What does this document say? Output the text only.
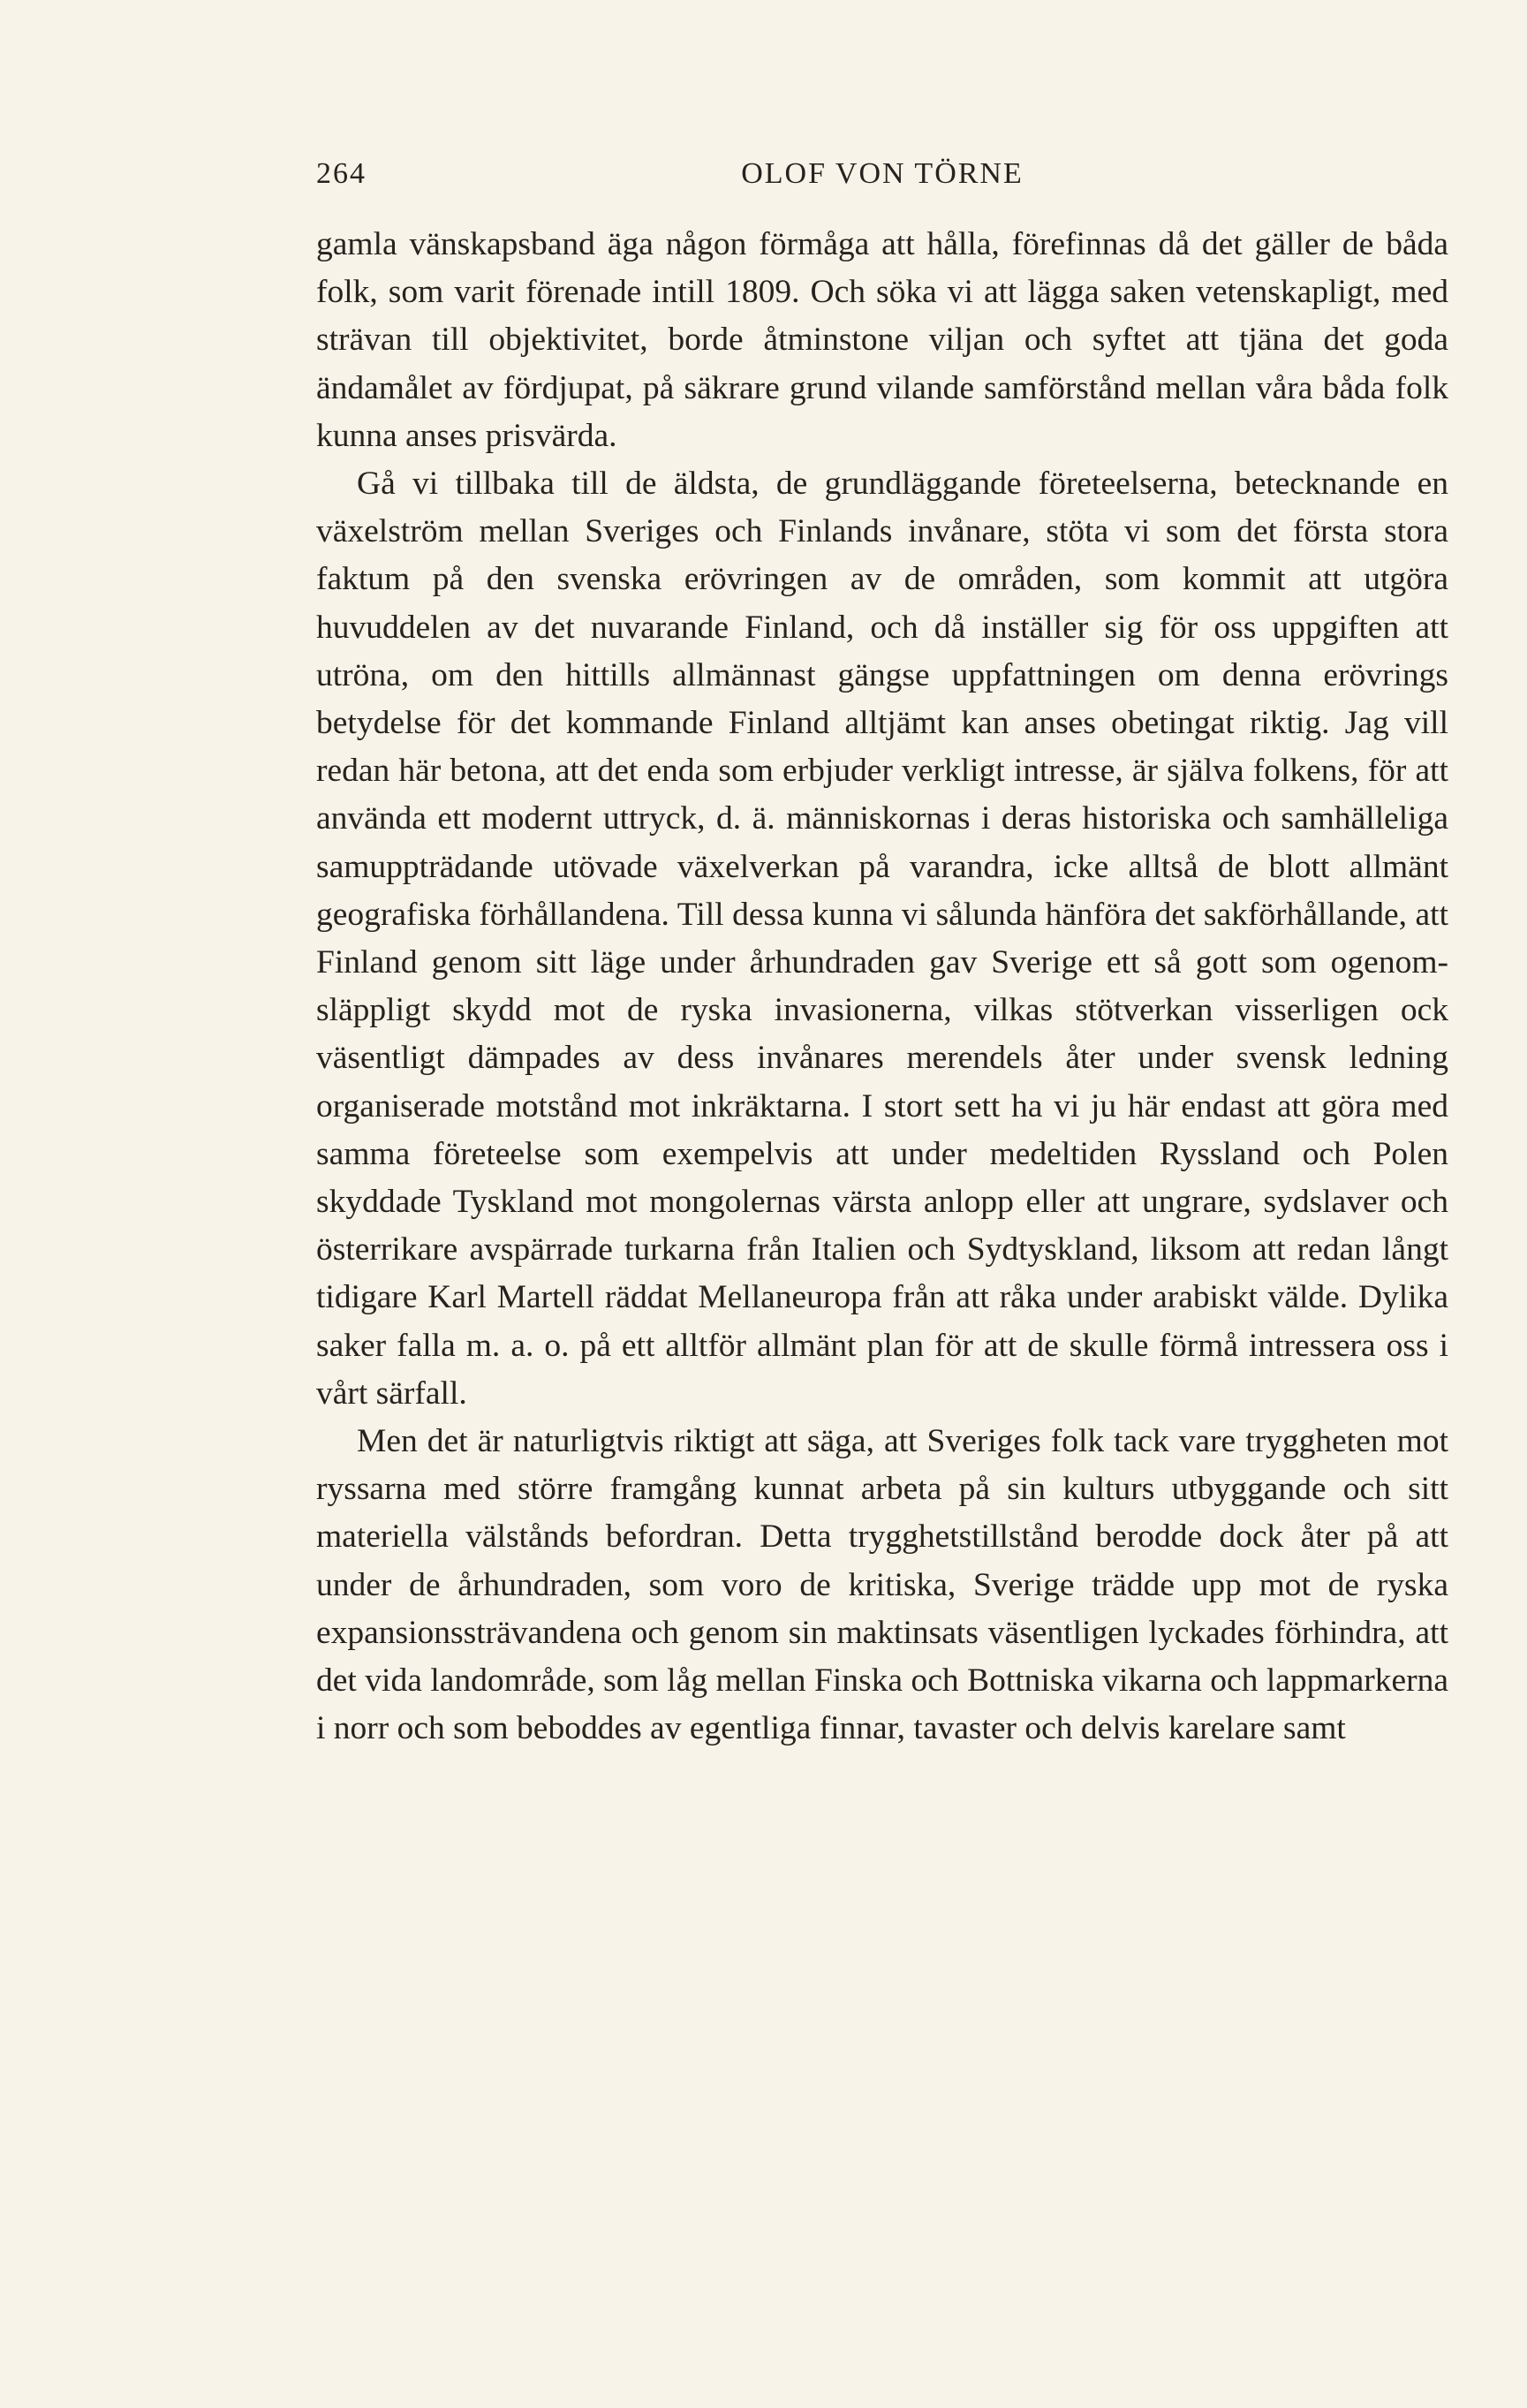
264	OLOF VON TÖRNE

gamla vänskapsband äga någon förmåga att hålla, förefinnas då det gäller de båda folk, som varit förenade intill 1809. Och söka vi att lägga saken vetenskapligt, med strävan till objektivitet, borde åtminstone viljan och syftet att tjäna det goda ändamålet av fördjupat, på säkrare grund vilande samförstånd mellan våra båda folk kunna anses prisvärda.

Gå vi tillbaka till de äldsta, de grundläggande företeelserna, betecknande en växelström mellan Sveriges och Finlands invånare, stöta vi som det första stora faktum på den svenska erövringen av de områden, som kommit att utgöra huvuddelen av det nuvarande Finland, och då inställer sig för oss uppgiften att utröna, om den hittills allmännast gängse uppfattningen om denna erövrings betydelse för det kommande Finland alltjämt kan anses obetingat riktig. Jag vill redan här betona, att det enda som erbjuder verkligt intresse, är själva folkens, för att använda ett modernt uttryck, d. ä. människornas i deras historiska och samhälleliga samuppträdande utövade växelverkan på varandra, icke alltså de blott allmänt geografiska förhållandena. Till dessa kunna vi sålunda hänföra det sakförhållande, att Finland genom sitt läge under århundraden gav Sverige ett så gott som ogenomsläppligt skydd mot de ryska invasionerna, vilkas stötverkan visserligen ock väsentligt dämpades av dess invånares merendels åter under svensk ledning organiserade motstånd mot inkräktarna. I stort sett ha vi ju här endast att göra med samma företeelse som exempelvis att under medeltiden Ryssland och Polen skyddade Tyskland mot mongolernas värsta anlopp eller att ungrare, sydslaver och österrikare avspärrade turkarna från Italien och Sydtyskland, liksom att redan långt tidigare Karl Martell räddat Mellaneuropa från att råka under arabiskt välde. Dylika saker falla m. a. o. på ett alltför allmänt plan för att de skulle förmå intressera oss i vårt särfall.

Men det är naturligtvis riktigt att säga, att Sveriges folk tack vare tryggheten mot ryssarna med större framgång kunnat arbeta på sin kulturs utbyggande och sitt materiella välstånds befordran. Detta trygghetstillstånd berodde dock åter på att under de århundraden, som voro de kritiska, Sverige trädde upp mot de ryska expansionssträvandena och genom sin maktinsats väsentligen lyckades förhindra, att det vida landområde, som låg mellan Finska och Bottniska vikarna och lappmarkerna i norr och som beboddes av egentliga finnar, tavaster och delvis karelare samt
